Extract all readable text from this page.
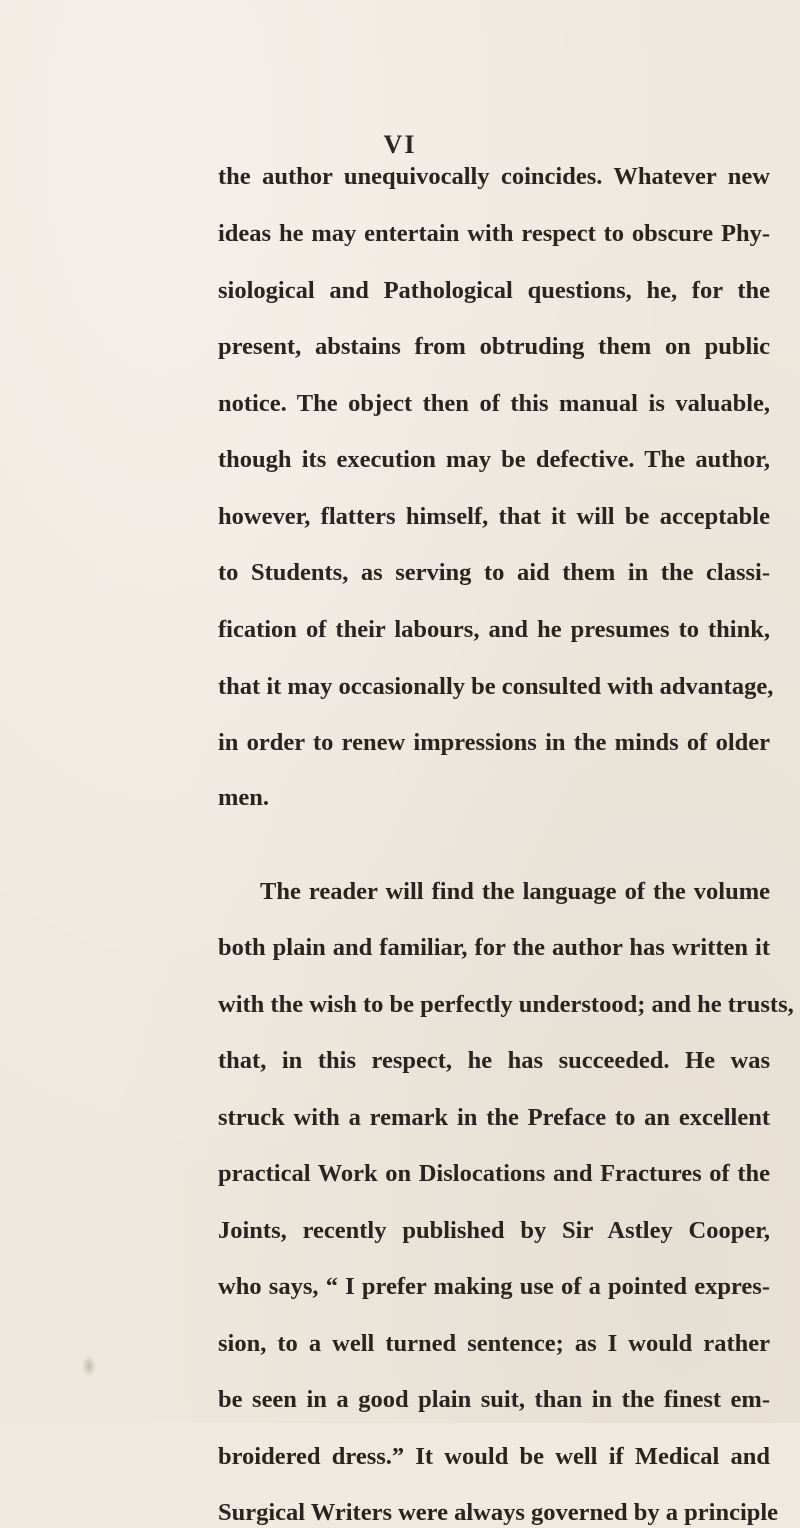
VI
the author unequivocally coincides. Whatever new
ideas he may entertain with respect to obscure Phy-
siological and Pathological questions, he, for the
present, abstains from obtruding them on public
notice. The object then of this manual is valuable,
though its execution may be defective. The author,
however, flatters himself, that it will be acceptable
to Students, as serving to aid them in the classi-
fication of their labours, and he presumes to think,
that it may occasionally be consulted with advantage,
in order to renew impressions in the minds of older
men.
The reader will find the language of the volume
both plain and familiar, for the author has written it
with the wish to be perfectly understood; and he trusts,
that, in this respect, he has succeeded. He was
struck with a remark in the Preface to an excellent
practical Work on Dislocations and Fractures of the
Joints, recently published by Sir Astley Cooper,
who says, “ I prefer making use of a pointed expres-
sion, to a well turned sentence; as I would rather
be seen in a good plain suit, than in the finest em-
broidered dress.” It would be well if Medical and
Surgical Writers were always governed by a principle
